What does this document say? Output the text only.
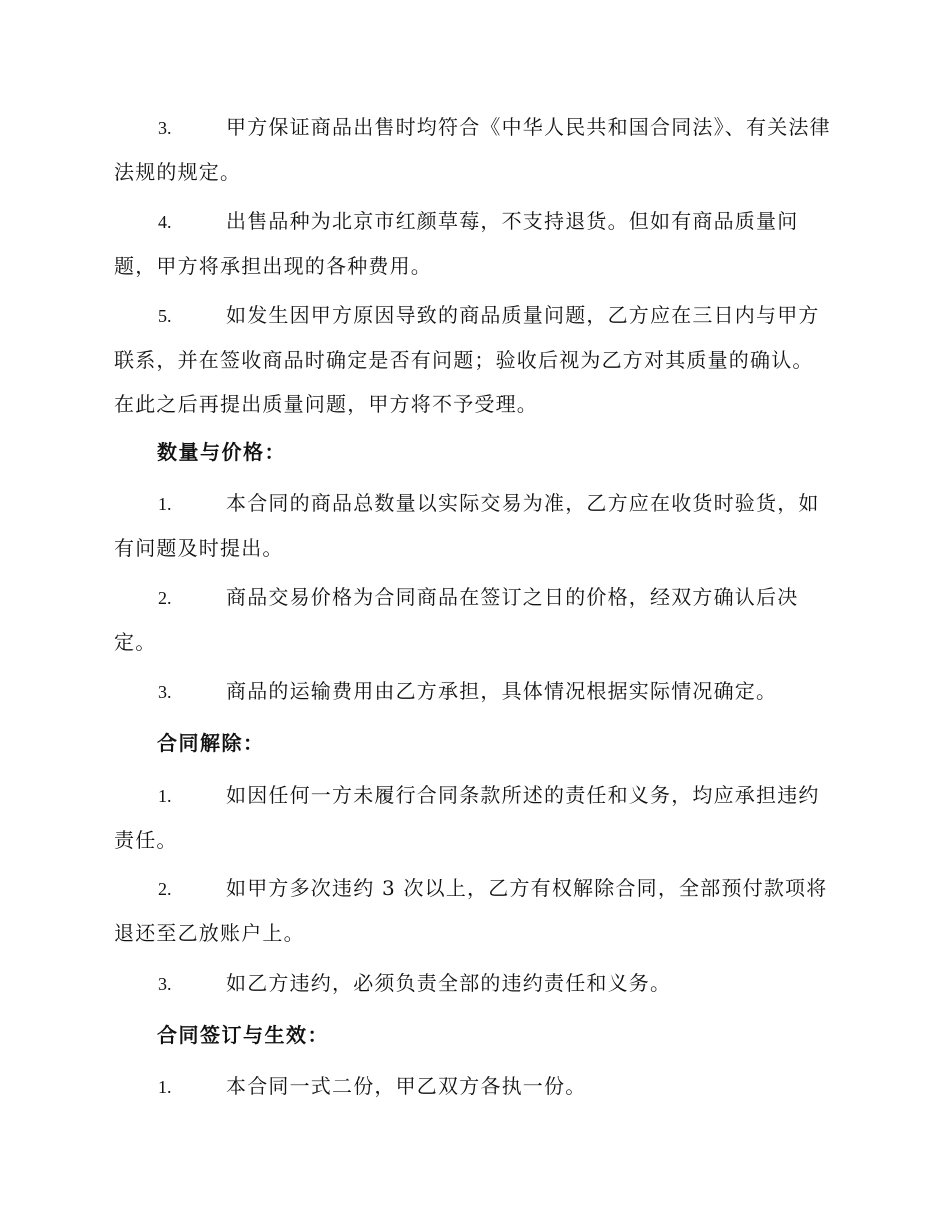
3.	甲方保证商品出售时均符合《中华人民共和国合同法》、有关法律法规的规定。

4.	出售品种为北京市红颜草莓，不支持退货。但如有商品质量问题，甲方将承担出现的各种费用。

5.	如发生因甲方原因导致的商品质量问题，乙方应在三日内与甲方联系，并在签收商品时确定是否有问题；验收后视为乙方对其质量的确认。在此之后再提出质量问题，甲方将不予受理。

数量与价格：

1.	本合同的商品总数量以实际交易为准，乙方应在收货时验货，如有问题及时提出。

2.	商品交易价格为合同商品在签订之日的价格，经双方确认后决定。

3.	商品的运输费用由乙方承担，具体情况根据实际情况确定。

合同解除：

1.	如因任何一方未履行合同条款所述的责任和义务，均应承担违约责任。

2.	如甲方多次违约 3 次以上，乙方有权解除合同，全部预付款项将退还至乙放账户上。

3.	如乙方违约，必须负责全部的违约责任和义务。

合同签订与生效：

1.	本合同一式二份，甲乙双方各执一份。
